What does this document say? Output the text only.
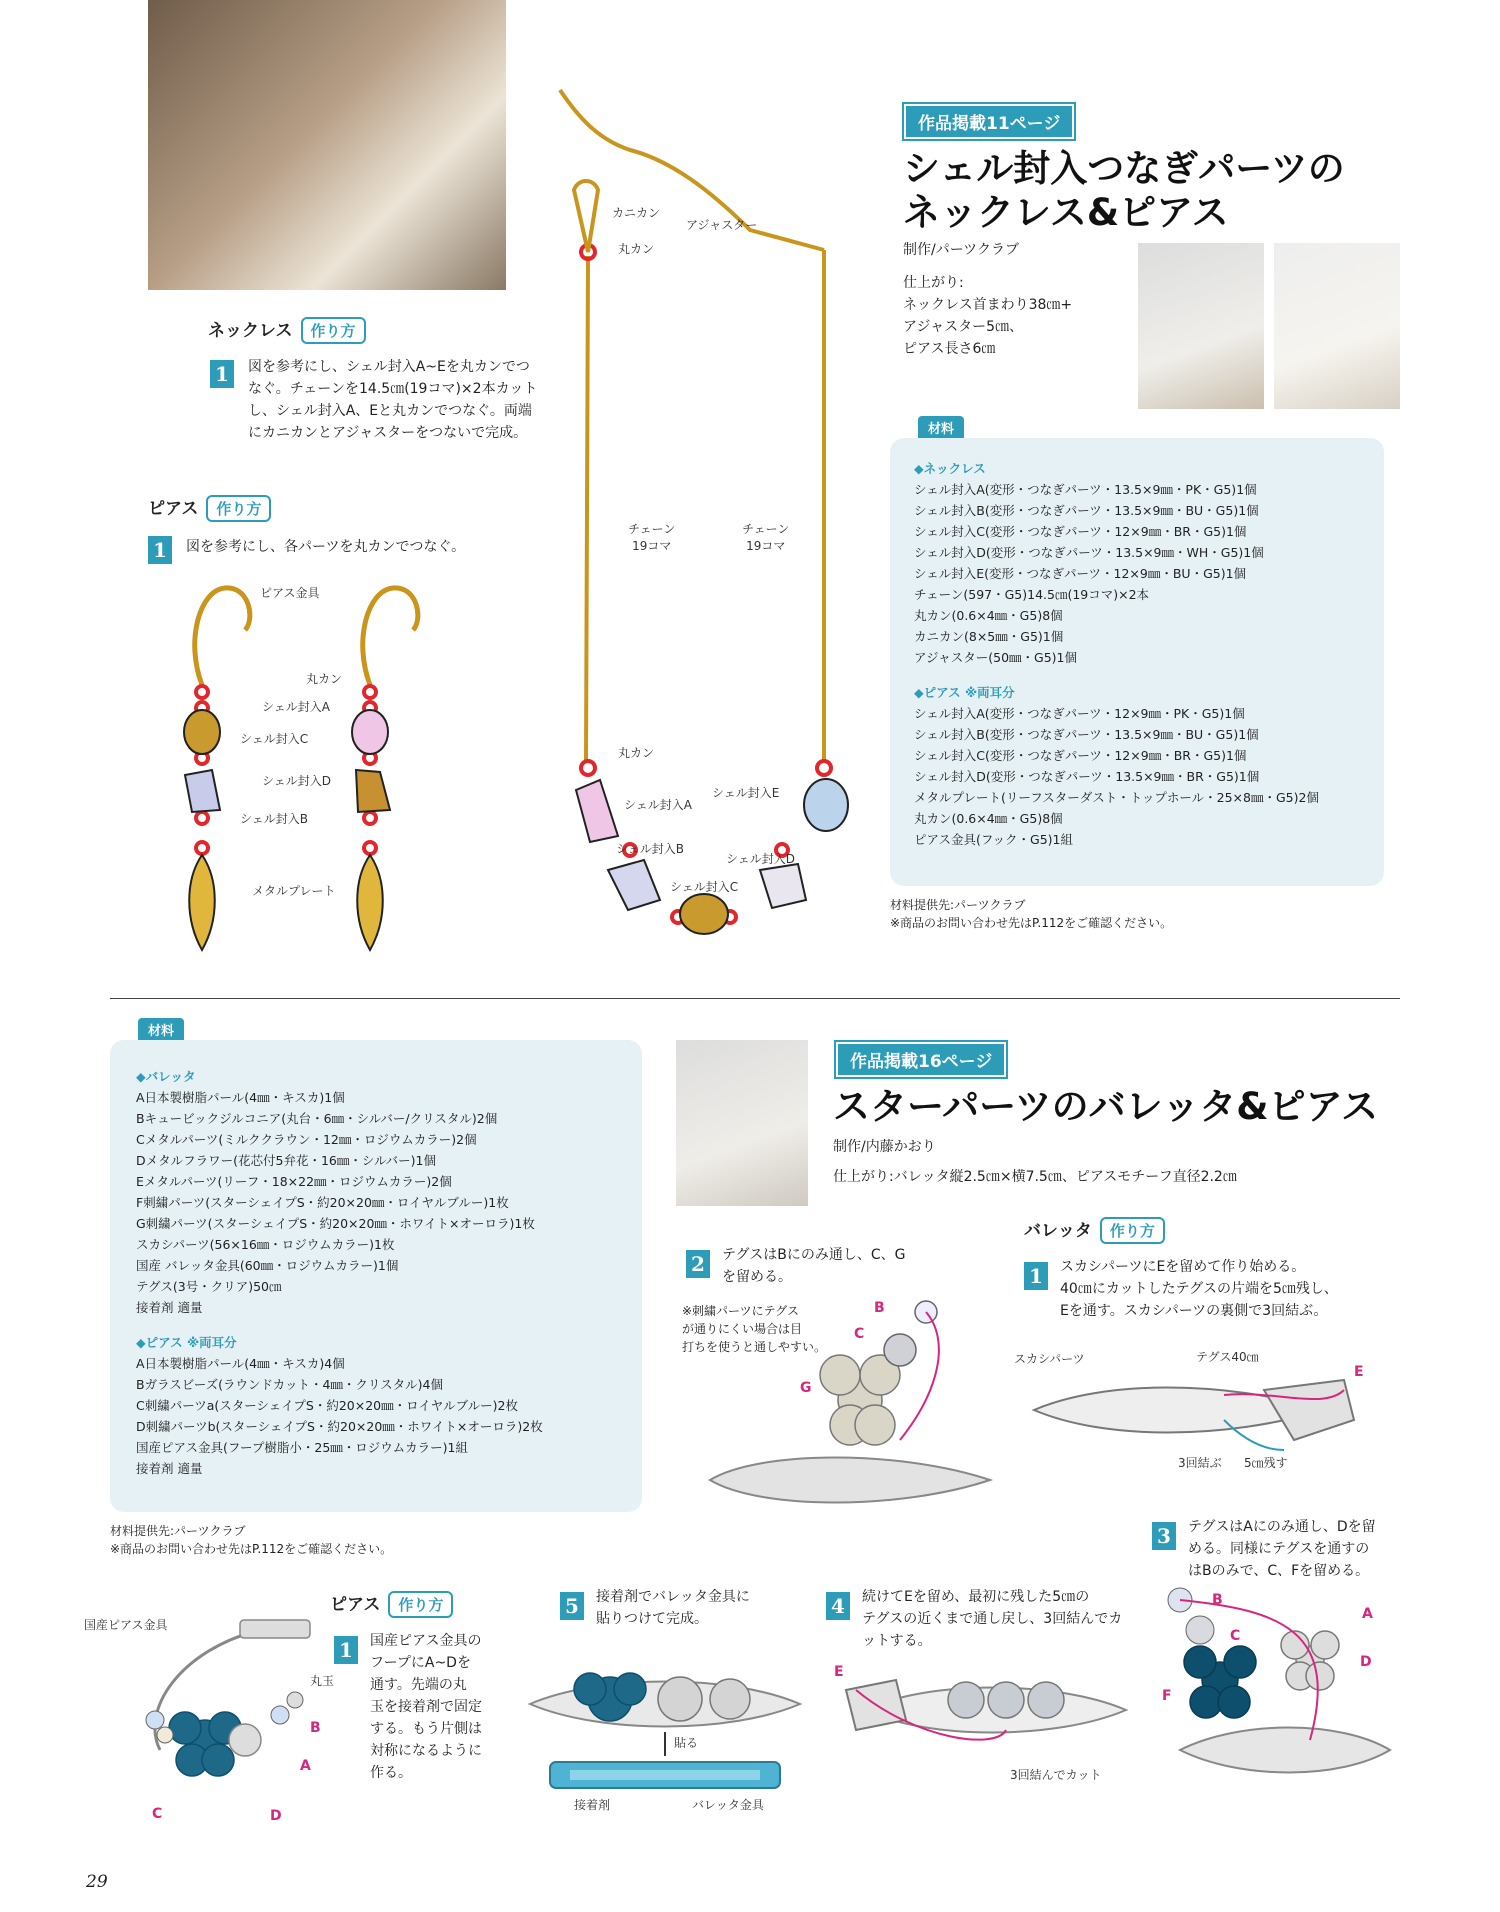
作品掲載11ページ
シェル封入つなぎパーツの
ネックレス&ピアス
制作/パーツクラブ
仕上がり:
ネックレス首まわり38㎝+
アジャスター5㎝、
ピアス長さ6㎝
ネックレス 作り方
1	図を参考にし、シェル封入A~Eを丸カンでつ
なぐ。チェーンを14.5㎝(19コマ)×2本カット
し、シェル封入A、Eと丸カンでつなぐ。両端
にカニカンとアジャスターをつないで完成。
ピアス 作り方
1	図を参考にし、各パーツを丸カンでつなぐ。
ピアス金具
丸カン
シェル封入A
シェル封入C
シェル封入D
シェル封入B
メタルプレート
カニカン
丸カン
アジャスター
チェーン
19コマ
チェーン
19コマ
丸カン
シェル封入A
シェル封入E
シェル封入B
シェル封入D
シェル封入C
材料
◆ネックレス
シェル封入A(変形・つなぎパーツ・13.5×9㎜・PK・G5)1個
シェル封入B(変形・つなぎパーツ・13.5×9㎜・BU・G5)1個
シェル封入C(変形・つなぎパーツ・12×9㎜・BR・G5)1個
シェル封入D(変形・つなぎパーツ・13.5×9㎜・WH・G5)1個
シェル封入E(変形・つなぎパーツ・12×9㎜・BU・G5)1個
チェーン(597・G5)14.5㎝(19コマ)×2本
丸カン(0.6×4㎜・G5)8個
カニカン(8×5㎜・G5)1個
アジャスター(50㎜・G5)1個
◆ピアス ※両耳分
シェル封入A(変形・つなぎパーツ・12×9㎜・PK・G5)1個
シェル封入B(変形・つなぎパーツ・13.5×9㎜・BU・G5)1個
シェル封入C(変形・つなぎパーツ・12×9㎜・BR・G5)1個
シェル封入D(変形・つなぎパーツ・13.5×9㎜・BR・G5)1個
メタルプレート(リーフスターダスト・トップホール・25×8㎜・G5)2個
丸カン(0.6×4㎜・G5)8個
ピアス金具(フック・G5)1組
材料提供先:パーツクラブ
※商品のお問い合わせ先はP.112をご確認ください。
材料
◆バレッタ
A日本製樹脂パール(4㎜・キスカ)1個
Bキュービックジルコニア(丸台・6㎜・シルバー/クリスタル)2個
Cメタルパーツ(ミルククラウン・12㎜・ロジウムカラー)2個
Dメタルフラワー(花芯付5弁花・16㎜・シルバー)1個
Eメタルパーツ(リーフ・18×22㎜・ロジウムカラー)2個
F刺繍パーツ(スターシェイプS・約20×20㎜・ロイヤルブルー)1枚
G刺繍パーツ(スターシェイプS・約20×20㎜・ホワイト×オーロラ)1枚
スカシパーツ(56×16㎜・ロジウムカラー)1枚
国産 バレッタ金具(60㎜・ロジウムカラー)1個
テグス(3号・クリア)50㎝
接着剤 適量
◆ピアス ※両耳分
A日本製樹脂パール(4㎜・キスカ)4個
Bガラスビーズ(ラウンドカット・4㎜・クリスタル)4個
C刺繍パーツa(スターシェイプS・約20×20㎜・ロイヤルブルー)2枚
D刺繍パーツb(スターシェイプS・約20×20㎜・ホワイト×オーロラ)2枚
国産ピアス金具(フープ樹脂小・25㎜・ロジウムカラー)1組
接着剤 適量
材料提供先:パーツクラブ
※商品のお問い合わせ先はP.112をご確認ください。
作品掲載16ページ
スターパーツのバレッタ&ピアス
制作/内藤かおり
仕上がり:バレッタ縦2.5㎝×横7.5㎝、ピアスモチーフ直径2.2㎝
バレッタ 作り方
1	スカシパーツにEを留めて作り始める。
40㎝にカットしたテグスの片端を5㎝残し、
Eを通す。スカシパーツの裏側で3回結ぶ。
2	テグスはBにのみ通し、C、G
を留める。
※刺繍パーツにテグス
が通りにくい場合は目
打ちを使うと通しやすい。
B
C
G
スカシパーツ	テグス40㎝
E
3回結ぶ 5㎝残す
3	テグスはAにのみ通し、Dを留
める。同様にテグスを通すの
はBのみで、C、Fを留める。
B
C
A
D
F
4	続けてEを留め、最初に残した5㎝の
テグスの近くまで通し戻し、3回結んでカ
ットする。
E
3回結んでカット
5	接着剤でバレッタ金具に
貼りつけて完成。
貼る
接着剤	バレッタ金具
ピアス 作り方
1	国産ピアス金具の
フープにA~Dを
通す。先端の丸
玉を接着剤で固定
する。もう片側は
対称になるように
作る。
国産ピアス金具
丸玉
B
A
C	D
29
